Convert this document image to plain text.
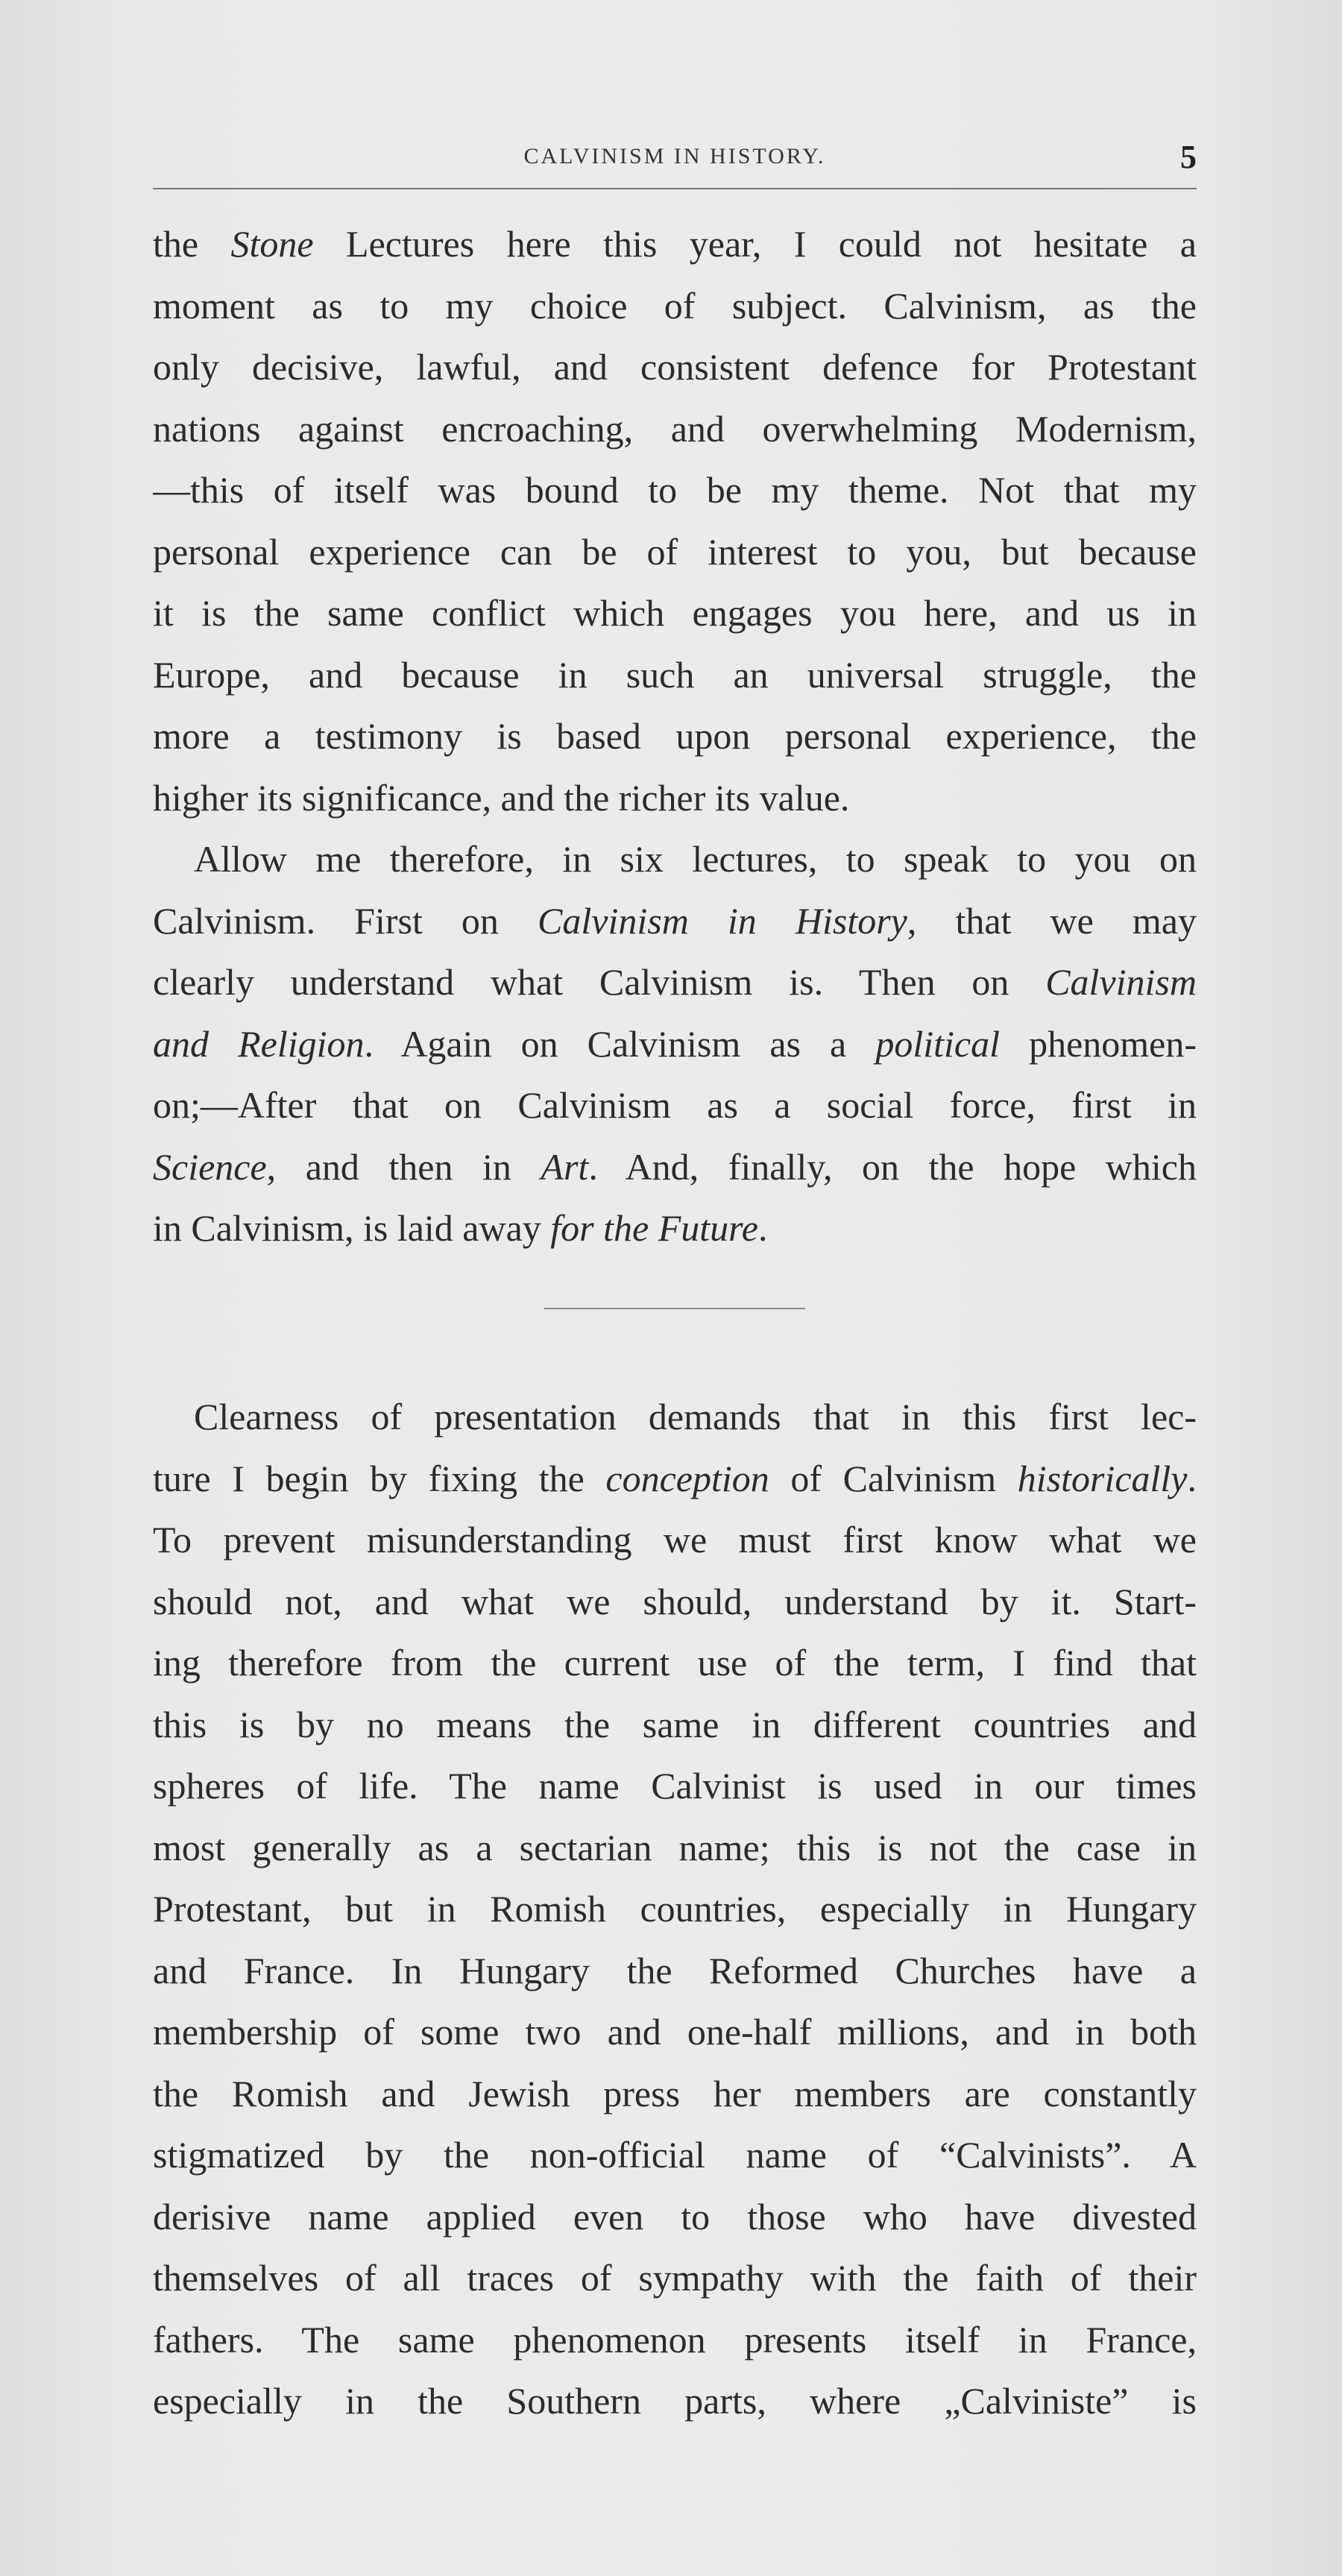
CALVINISM IN HISTORY.	5

the Stone Lectures here this year, I could not hesitate a
moment as to my choice of subject. Calvinism, as the
only decisive, lawful, and consistent defence for Protestant
nations against encroaching, and overwhelming Modernism,
—this of itself was bound to be my theme. Not that my
personal experience can be of interest to you, but because
it is the same conflict which engages you here, and us in
Europe, and because in such an universal struggle, the
more a testimony is based upon personal experience, the
higher its significance, and the richer its value.

Allow me therefore, in six lectures, to speak to you on
Calvinism. First on Calvinism in History, that we may
clearly understand what Calvinism is. Then on Calvinism
and Religion. Again on Calvinism as a political phenomen-
on;—After that on Calvinism as a social force, first in
Science, and then in Art. And, finally, on the hope which
in Calvinism, is laid away for the Future.

Clearness of presentation demands that in this first lec-
ture I begin by fixing the conception of Calvinism historically.
To prevent misunderstanding we must first know what we
should not, and what we should, understand by it. Start-
ing therefore from the current use of the term, I find that
this is by no means the same in different countries and
spheres of life. The name Calvinist is used in our times
most generally as a sectarian name; this is not the case in
Protestant, but in Romish countries, especially in Hungary
and France. In Hungary the Reformed Churches have a
membership of some two and one-half millions, and in both
the Romish and Jewish press her members are constantly
stigmatized by the non-official name of “Calvinists”. A
derisive name applied even to those who have divested
themselves of all traces of sympathy with the faith of their
fathers. The same phenomenon presents itself in France,
especially in the Southern parts, where „Calviniste” is
